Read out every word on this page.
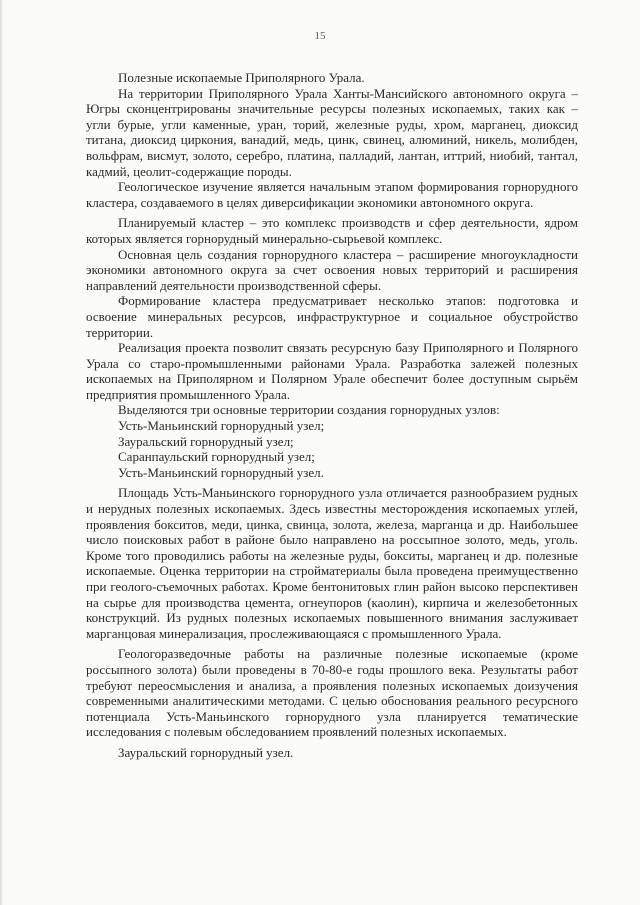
15

Полезные ископаемые Приполярного Урала.

На территории Приполярного Урала Ханты-Мансийского автономного округа – Югры сконцентрированы значительные ресурсы полезных ископаемых, таких как – угли бурые, угли каменные, уран, торий, железные руды, хром, марганец, диоксид титана, диоксид циркония, ванадий, медь, цинк, свинец, алюминий, никель, молибден, вольфрам, висмут, золото, серебро, платина, палладий, лантан, иттрий, ниобий, тантал, кадмий, цеолит-содержащие породы.

Геологическое изучение является начальным этапом формирования горнорудного кластера, создаваемого в целях диверсификации экономики автономного округа.

Планируемый кластер – это комплекс производств и сфер деятельности, ядром которых является горнорудный минерально-сырьевой комплекс.

Основная цель создания горнорудного кластера – расширение многоукладности экономики автономного округа за счет освоения новых территорий и расширения направлений деятельности производственной сферы.

Формирование кластера предусматривает несколько этапов: подготовка и освоение минеральных ресурсов, инфраструктурное и социальное обустройство территории.

Реализация проекта позволит связать ресурсную базу Приполярного и Полярного Урала со старо-промышленными районами Урала. Разработка залежей полезных ископаемых на Приполярном и Полярном Урале обеспечит более доступным сырьём предприятия промышленного Урала.

Выделяются три основные территории создания горнорудных узлов:

Усть-Маньинский горнорудный узел;

Зауральский горнорудный узел;

Саранпаульский горнорудный узел;

Усть-Маньинский горнорудный узел.

Площадь Усть-Маньинского горнорудного узла отличается разнообразием рудных и нерудных полезных ископаемых. Здесь известны месторождения ископаемых углей, проявления бокситов, меди, цинка, свинца, золота, железа, марганца и др. Наибольшее число поисковых работ в районе было направлено на россыпное золото, медь, уголь. Кроме того проводились работы на железные руды, бокситы, марганец и др. полезные ископаемые. Оценка территории на стройматериалы была проведена преимущественно при геолого-съемочных работах. Кроме бентонитовых глин район высоко перспективен на сырье для производства цемента, огнеупоров (каолин), кирпича и железобетонных конструкций. Из рудных полезных ископаемых повышенного внимания заслуживает марганцовая минерализация, прослеживающаяся с промышленного Урала.

Геологоразведочные работы на различные полезные ископаемые (кроме россыпного золота) были проведены в 70-80-е годы прошлого века. Результаты работ требуют переосмысления и анализа, а проявления полезных ископаемых доизучения современными аналитическими методами. С целью обоснования реального ресурсного потенциала Усть-Маньинского горнорудного узла планируется тематические исследования с полевым обследованием проявлений полезных ископаемых.

Зауральский горнорудный узел.
